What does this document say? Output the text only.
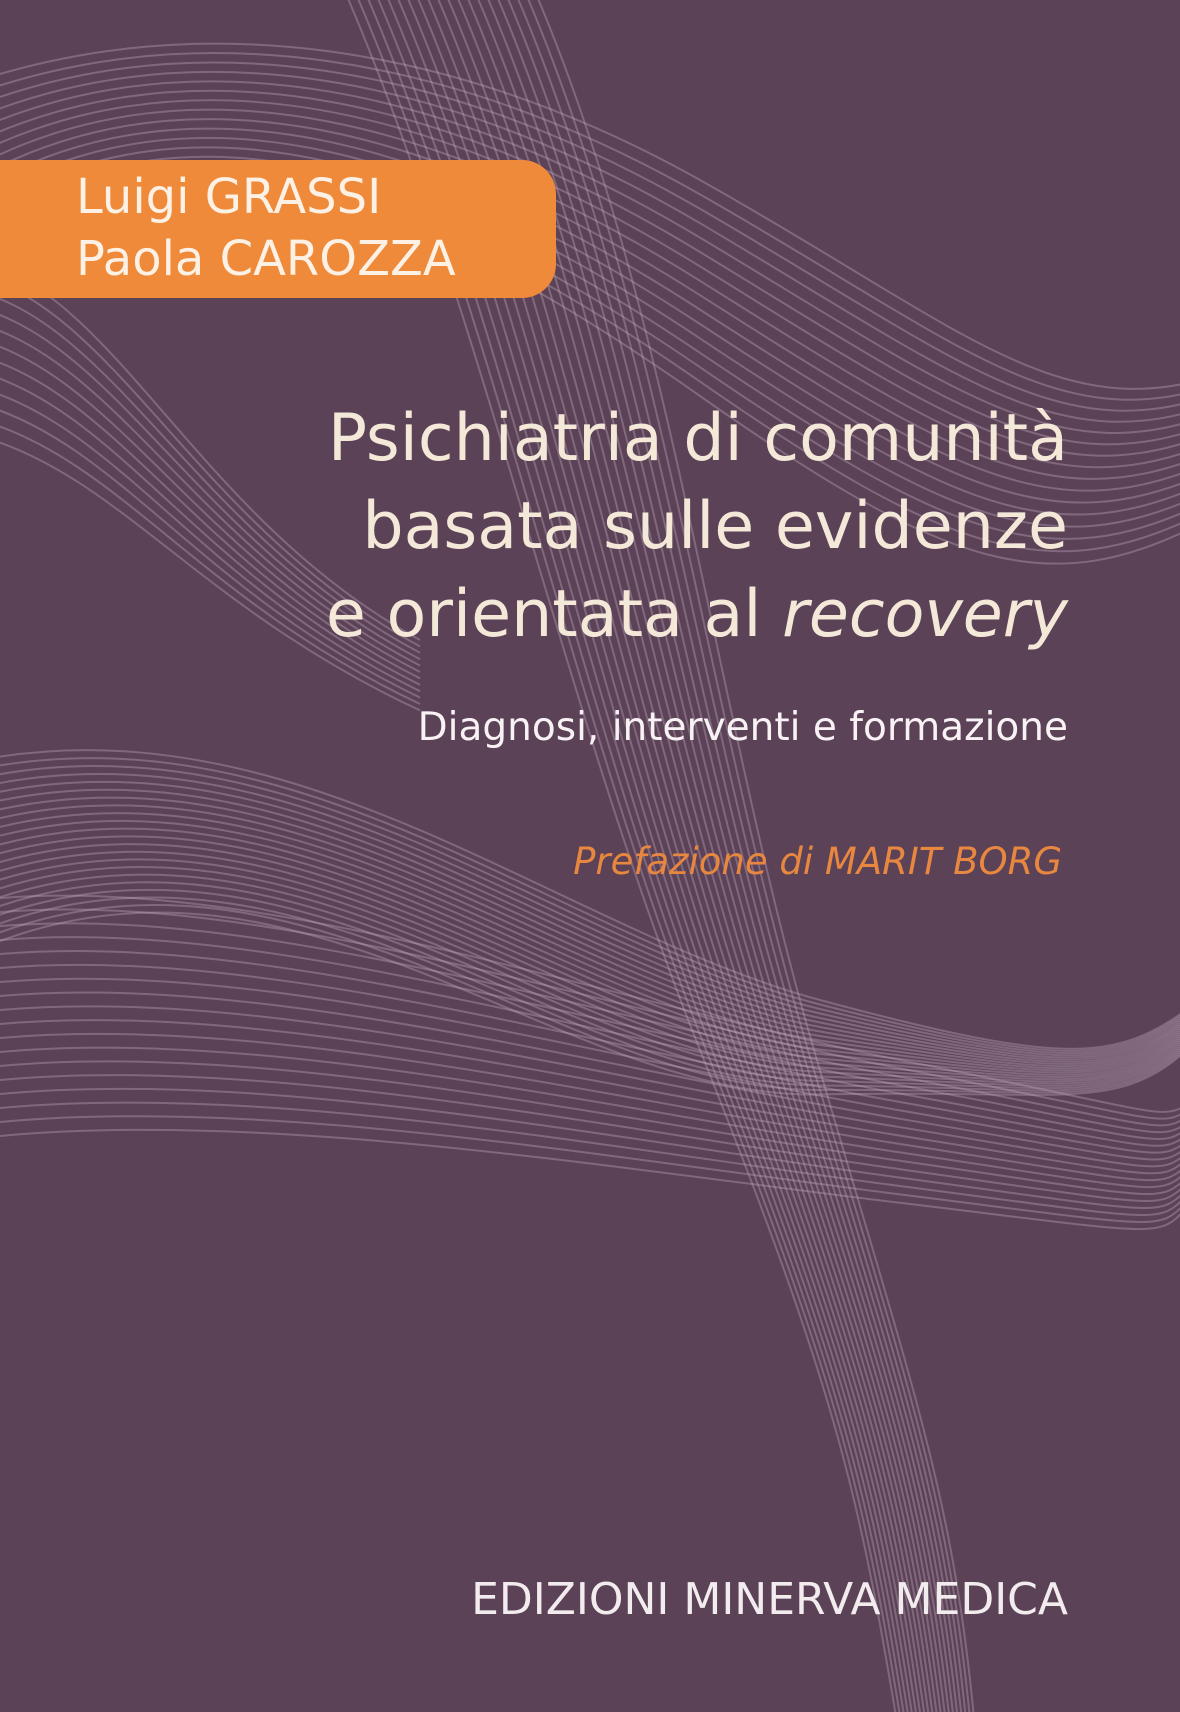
Luigi GRASSI
Paola CAROZZA
Psichiatria di comunità
basata sulle evidenze
e orientata al recovery
Diagnosi, interventi e formazione
Prefazione di MARIT BORG
EDIZIONI MINERVA MEDICA
